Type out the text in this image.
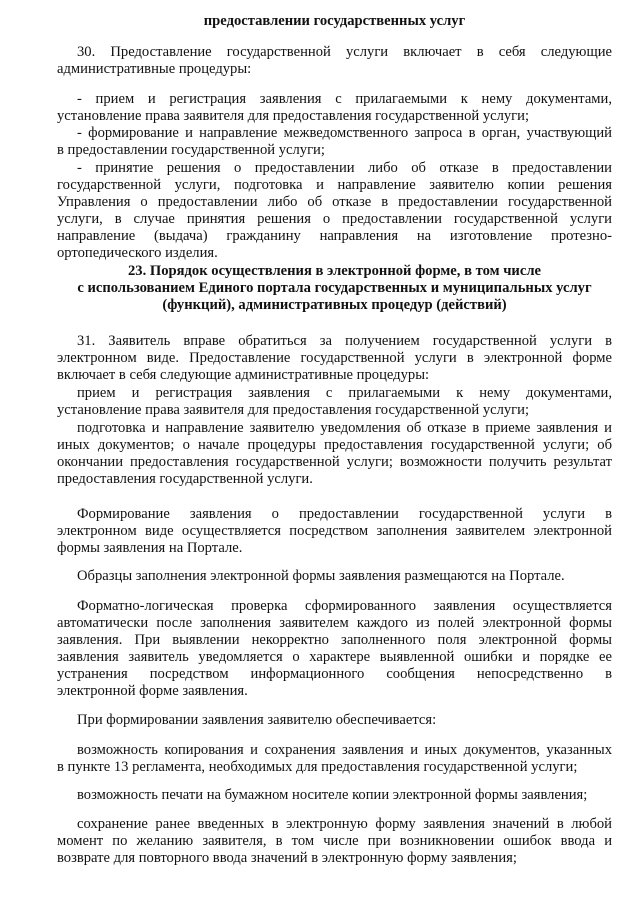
предоставлении государственных услуг
30. Предоставление государственной услуги включает в себя следующие
административные процедуры:
- прием и регистрация заявления с прилагаемыми к нему документами,
установление права заявителя для предоставления государственной услуги;
- формирование и направление межведомственного запроса в орган, участвующий
в предоставлении государственной услуги;
- принятие решения о предоставлении либо об отказе в предоставлении
государственной услуги, подготовка и направление заявителю копии решения
Управления о предоставлении либо об отказе в предоставлении государственной
услуги, в случае принятия решения о предоставлении государственной услуги
направление (выдача) гражданину направления на изготовление протезно-
ортопедического изделия.
23. Порядок осуществления в электронной форме, в том числе
с использованием Единого портала государственных и муниципальных услуг
(функций), административных процедур (действий)
31. Заявитель вправе обратиться за получением государственной услуги в
электронном виде. Предоставление государственной услуги в электронной форме
включает в себя следующие административные процедуры:
прием и регистрация заявления с прилагаемыми к нему документами,
установление права заявителя для предоставления государственной услуги;
подготовка и направление заявителю уведомления об отказе в приеме заявления и
иных документов; о начале процедуры предоставления государственной услуги; об
окончании предоставления государственной услуги; возможности получить результат
предоставления государственной услуги.
Формирование заявления о предоставлении государственной услуги в
электронном виде осуществляется посредством заполнения заявителем электронной
формы заявления на Портале.
Образцы заполнения электронной формы заявления размещаются на Портале.
Форматно-логическая проверка сформированного заявления осуществляется
автоматически после заполнения заявителем каждого из полей электронной формы
заявления. При выявлении некорректно заполненного поля электронной формы
заявления заявитель уведомляется о характере выявленной ошибки и порядке ее
устранения посредством информационного сообщения непосредственно в
электронной форме заявления.
При формировании заявления заявителю обеспечивается:
возможность копирования и сохранения заявления и иных документов, указанных
в пункте 13 регламента, необходимых для предоставления государственной услуги;
возможность печати на бумажном носителе копии электронной формы заявления;
сохранение ранее введенных в электронную форму заявления значений в любой
момент по желанию заявителя, в том числе при возникновении ошибок ввода и
возврате для повторного ввода значений в электронную форму заявления;
